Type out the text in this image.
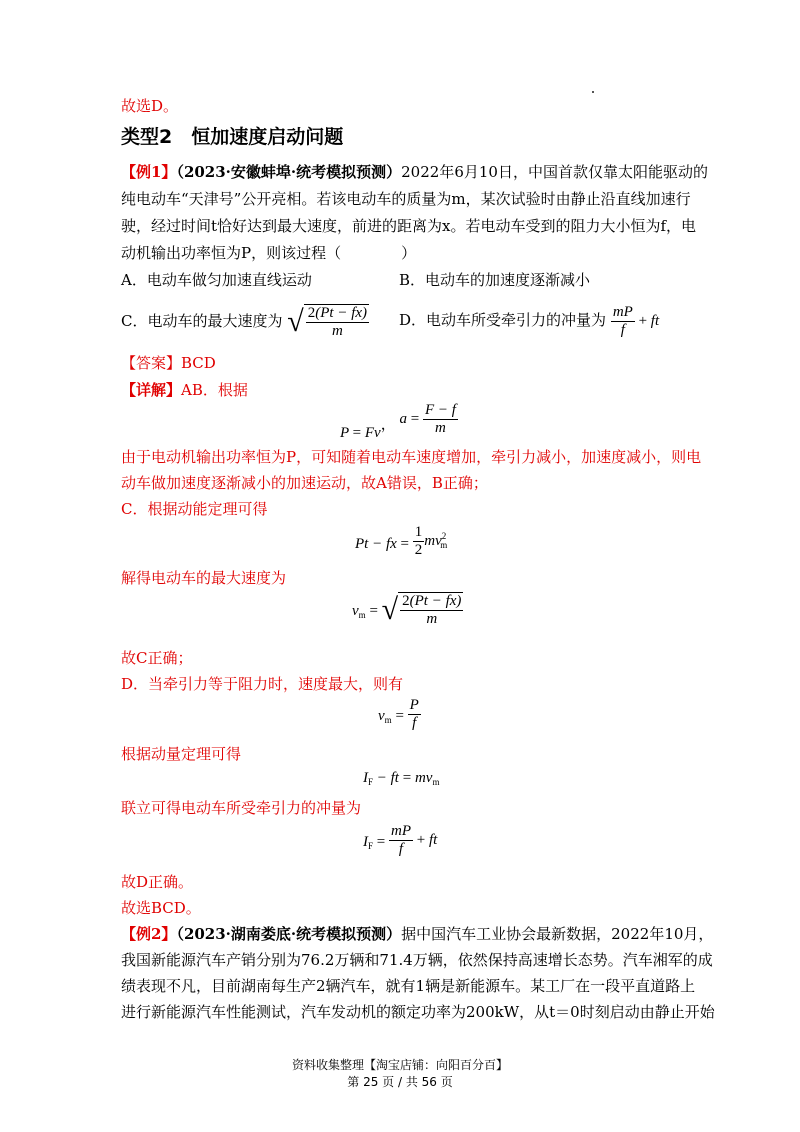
故选D。
类型2　恒加速度启动问题
【例1】（2023·安徽蚌埠·统考模拟预测）2022年6月10日，中国首款仅靠太阳能驱动的
纯电动车“天津号”公开亮相。若该电动车的质量为m，某次试验时由静止沿直线加速行
驶，经过时间t恰好达到最大速度，前进的距离为x。若电动车受到的阻力大小恒为f，电
动机输出功率恒为P，则该过程（　　　　）
A．电动车做匀加速直线运动	B．电动车的加速度逐渐减小
C．电动车的最大速度为 √ $\frac{2(Pt - fx)}{m}$ D．电动车所受牵引力的冲量为 $\frac{mP}{f}$ + ft
【答案】BCD
【详解】AB．根据
P = Fv， $a = \frac{F - f}{m}$
由于电动机输出功率恒为P，可知随着电动车速度增加，牵引力减小，加速度减小，则电
动车做加速度逐渐减小的加速运动，故A错误，B正确；
C．根据动能定理可得
Pt − fx = $\frac{1}{2} mv^2_m$
解得电动车的最大速度为
$v_m$ = √ $\frac{2(Pt - fx)}{m}$
故C正确；
D．当牵引力等于阻力时，速度最大，则有
$v_m = \frac{P}{f}$
根据动量定理可得
$I_F$ − ft = $mv_m$
联立可得电动车所受牵引力的冲量为
$I_F = \frac{mP}{f}$ + ft
故D正确。
故选BCD。
【例2】（2023·湖南娄底·统考模拟预测）据中国汽车工业协会最新数据，2022年10月，
我国新能源汽车产销分别为76.2万辆和71.4万辆，依然保持高速增长态势。汽车湘军的成
绩表现不凡，目前湖南每生产2辆汽车，就有1辆是新能源车。某工厂在一段平直道路上
进行新能源汽车性能测试，汽车发动机的额定功率为200kW，从t＝0时刻启动由静止开始
资料收集整理【淘宝店铺：向阳百分百】
第 25 页 / 共 56 页
